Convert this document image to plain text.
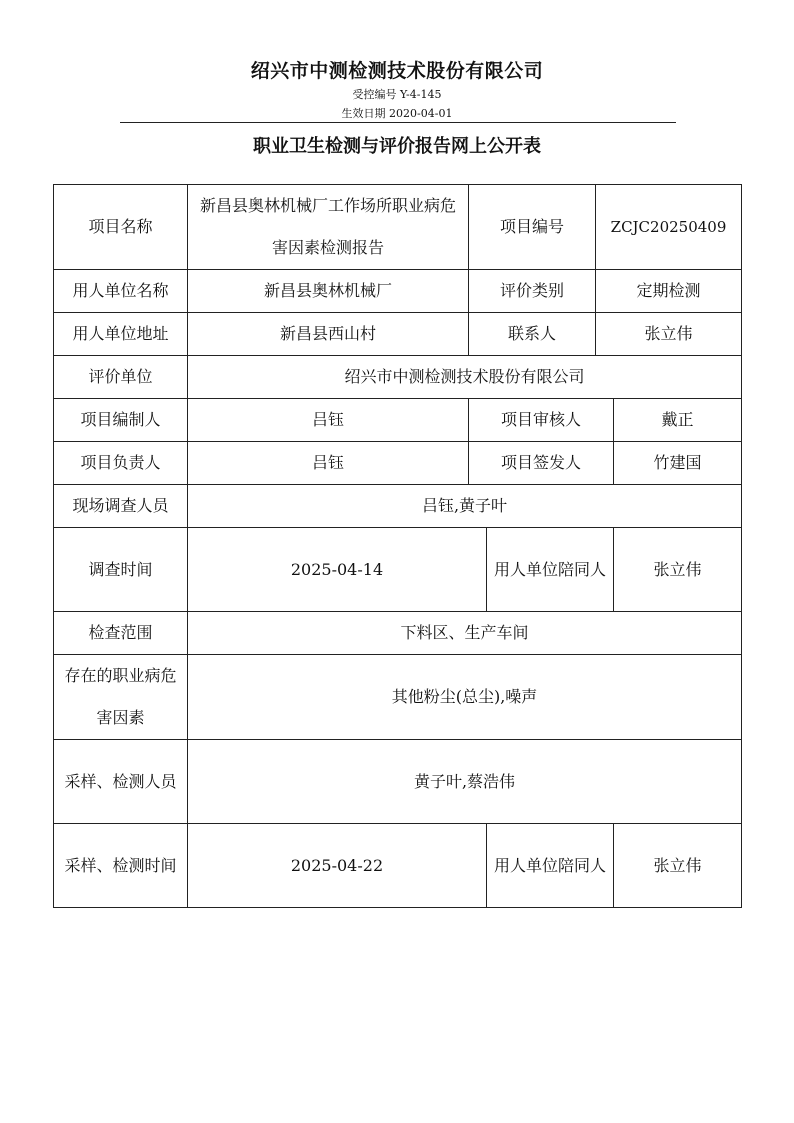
绍兴市中测检测技术股份有限公司
受控编号 Y-4-145
生效日期 2020-04-01
职业卫生检测与评价报告网上公开表
项目名称	新昌县奥林机械厂工作场所职业病危害因素检测报告	项目编号		ZCJC20250409	
用人单位名称	新昌县奥林机械厂	评价类别		定期检测	
用人单位地址	新昌县西山村	联系人		张立伟	
评价单位	绍兴市中测检测技术股份有限公司				
项目编制人	吕钰	项目审核人			戴正
项目负责人	吕钰	项目签发人			竹建国
现场调查人员	吕钰,黄子叶				
调查时间	2025-04-14		用人单位陪同人		张立伟
检查范围	下料区、生产车间				
存在的职业病危害因素	其他粉尘(总尘),噪声				
采样、检测人员	黄子叶,蔡浩伟				
采样、检测时间	2025-04-22		用人单位陪同人		张立伟
